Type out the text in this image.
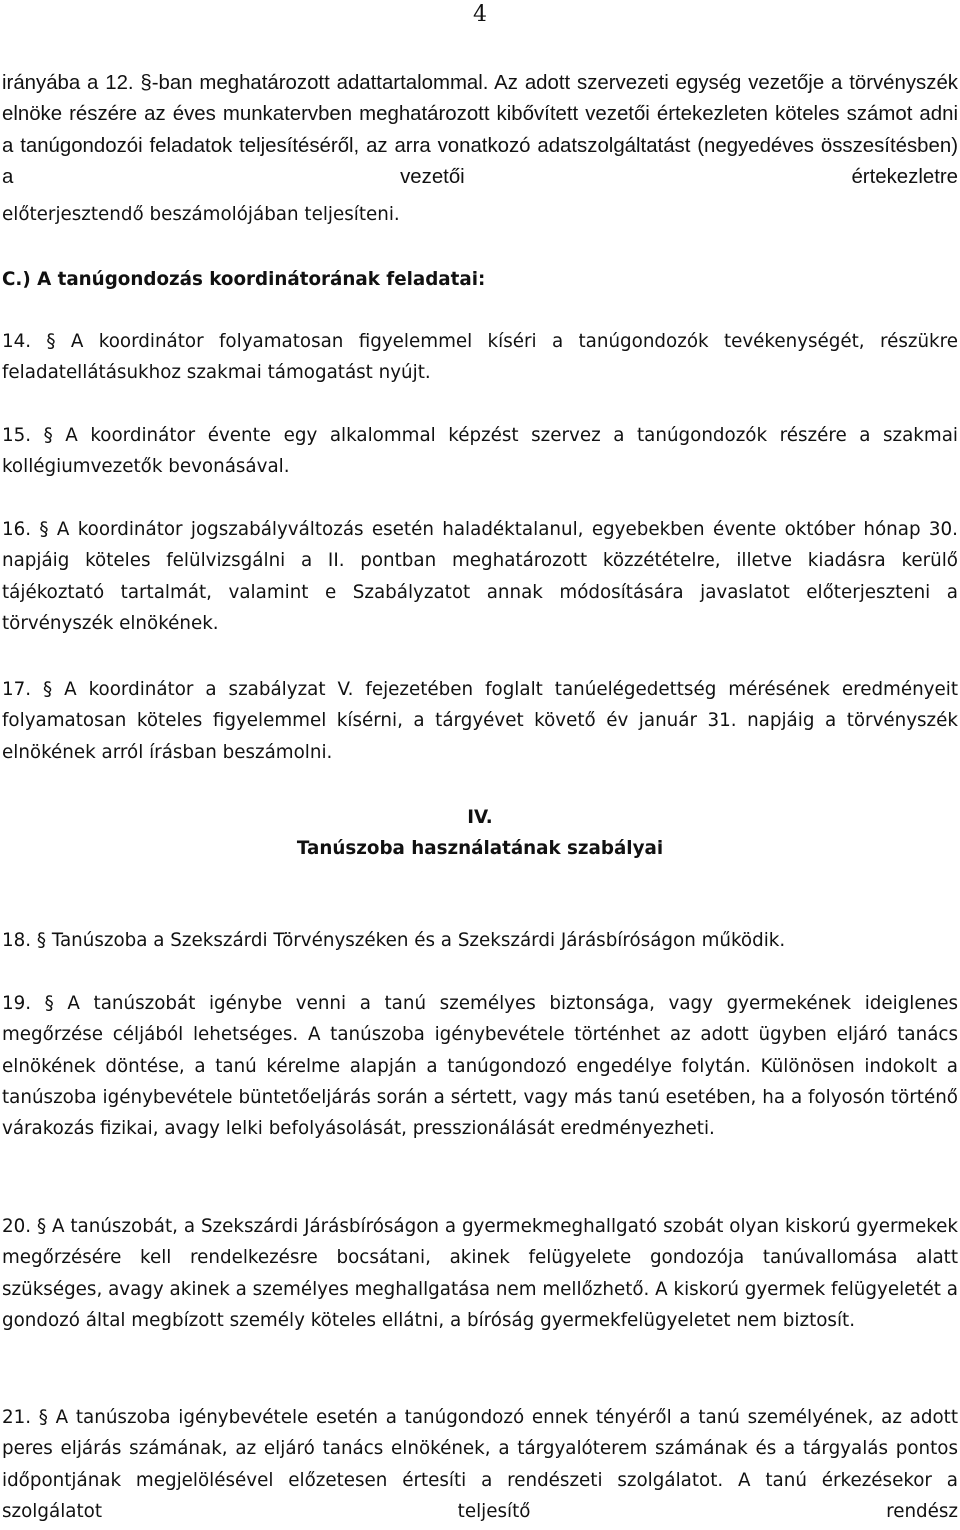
4
irányába a 12. §-ban meghatározott adattartalommal. Az adott szervezeti egység vezetője a törvényszék elnöke részére az éves munkatervben meghatározott kibővített vezetői értekezleten köteles számot adni a tanúgondozói feladatok teljesítéséről, az arra vonatkozó adatszolgáltatást (negyedéves összesítésben) a vezetői értekezletre
előterjesztendő beszámolójában teljesíteni.
C.) A tanúgondozás koordinátorának feladatai:
14. § A koordinátor folyamatosan figyelemmel kíséri a tanúgondozók tevékenységét, részükre feladatellátásukhoz szakmai támogatást nyújt.
15. § A koordinátor évente egy alkalommal képzést szervez a tanúgondozók részére a szakmai kollégiumvezetők bevonásával.
16. § A koordinátor jogszabályváltozás esetén haladéktalanul, egyebekben évente október hónap 30. napjáig köteles felülvizsgálni a II. pontban meghatározott közzétételre, illetve kiadásra kerülő tájékoztató tartalmát, valamint e Szabályzatot annak módosítására javaslatot előterjeszteni a törvényszék elnökének.
17. § A koordinátor a szabályzat V. fejezetében foglalt tanúelégedettség mérésének eredményeit folyamatosan köteles figyelemmel kísérni, a tárgyévet követő év január 31. napjáig a törvényszék elnökének arról írásban beszámolni.
IV.
Tanúszoba használatának szabályai
18. § Tanúszoba a Szekszárdi Törvényszéken és a Szekszárdi Járásbíróságon működik.
19. § A tanúszobát igénybe venni a tanú személyes biztonsága, vagy gyermekének ideiglenes megőrzése céljából lehetséges. A tanúszoba igénybevétele történhet az adott ügyben eljáró tanács elnökének döntése, a tanú kérelme alapján a tanúgondozó engedélye folytán. Különösen indokolt a tanúszoba igénybevétele büntetőeljárás során a sértett, vagy más tanú esetében, ha a folyosón történő várakozás fizikai, avagy lelki befolyásolását, presszionálását eredményezheti.
20. § A tanúszobát, a Szekszárdi Járásbíróságon a gyermekmeghallgató szobát olyan kiskorú gyermekek megőrzésére kell rendelkezésre bocsátani, akinek felügyelete gondozója tanúvallomása alatt szükséges, avagy akinek a személyes meghallgatása nem mellőzhető. A kiskorú gyermek felügyeletét a gondozó által megbízott személy köteles ellátni, a bíróság gyermekfelügyeletet nem biztosít.
21. § A tanúszoba igénybevétele esetén a tanúgondozó ennek tényéről a tanú személyének, az adott peres eljárás számának, az eljáró tanács elnökének, a tárgyalóterem számának és a tárgyalás pontos időpontjának megjelölésével előzetesen értesíti a rendészeti szolgálatot. A tanú érkezésekor a szolgálatot teljesítő rendész
